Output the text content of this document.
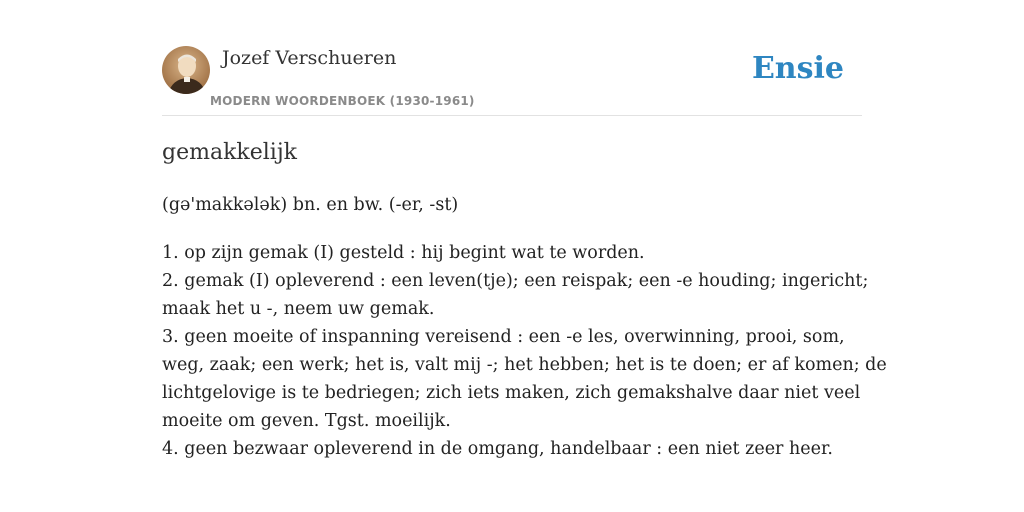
Jozef Verschueren
MODERN WOORDENBOEK (1930-1961)
Ensie
gemakkelijk
(gə'makkələk) bn. en bw. (-er, -st)
1. op zijn gemak (I) gesteld : hij begint wat te worden.
2. gemak (I) opleverend : een leven(tje); een reispak; een -e houding; ingericht;
maak het u -, neem uw gemak.
3. geen moeite of inspanning vereisend : een -e les, overwinning, prooi, som,
weg, zaak; een werk; het is, valt mij -; het hebben; het is te doen; er af komen; de
lichtgelovige is te bedriegen; zich iets maken, zich gemakshalve daar niet veel
moeite om geven. Tgst. moeilijk.
4. geen bezwaar opleverend in de omgang, handelbaar : een niet zeer heer.
